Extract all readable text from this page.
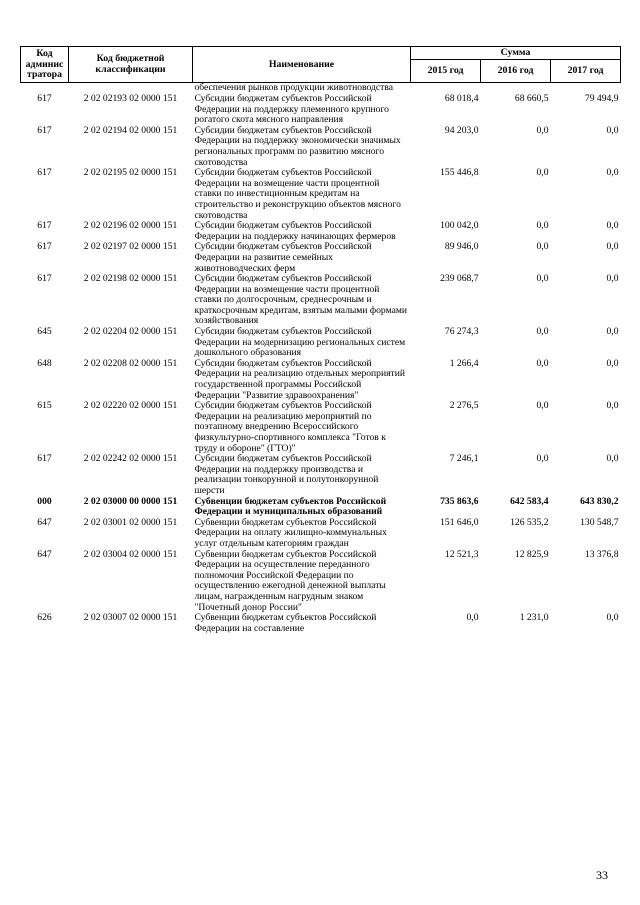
Код админис тратора	Код бюджетной классификации	Наименование	Сумма		
			2015 год	2016 год	2017 год
		обеспечения рынков продукции животноводства			
617	2 02 02193 02 0000 151	Субсидии бюджетам субъектов Российской Федерации на поддержку племенного крупного рогатого скота мясного направления	68 018,4	68 660,5	79 494,9
617	2 02 02194 02 0000 151	Субсидии бюджетам субъектов Российской Федерации на поддержку экономически значимых региональных программ по развитию мясного скотоводства	94 203,0	0,0	0,0
617	2 02 02195 02 0000 151	Субсидии бюджетам субъектов Российской Федерации на возмещение части процентной ставки по инвестиционным кредитам на строительство и реконструкцию объектов мясного скотоводства	155 446,8	0,0	0,0
617	2 02 02196 02 0000 151	Субсидии бюджетам субъектов Российской Федерации на поддержку начинающих фермеров	100 042,0	0,0	0,0
617	2 02 02197 02 0000 151	Субсидии бюджетам субъектов Российской Федерации на развитие семейных животноводческих ферм	89 946,0	0,0	0,0
617	2 02 02198 02 0000 151	Субсидии бюджетам субъектов Российской Федерации на возмещение части процентной ставки по долгосрочным, среднесрочным и краткосрочным кредитам, взятым малыми формами хозяйствования	239 068,7	0,0	0,0
645	2 02 02204 02 0000 151	Субсидии бюджетам субъектов Российской Федерации на модернизацию региональных систем дошкольного образования	76 274,3	0,0	0,0
648	2 02 02208 02 0000 151	Субсидии бюджетам субъектов Российской Федерации на реализацию отдельных мероприятий государственной программы Российской Федерации "Развитие здравоохранения"	1 266,4	0,0	0,0
615	2 02 02220 02 0000 151	Субсидии бюджетам субъектов Российской Федерации на реализацию мероприятий по поэтапному внедрению Всероссийского физкультурно-спортивного комплекса "Готов к труду и обороне" (ГТО)"	2 276,5	0,0	0,0
617	2 02 02242 02 0000 151	Субсидии бюджетам субъектов Российской Федерации на поддержку производства и реализации тонкорунной и полутонкорунной шерсти	7 246,1	0,0	0,0
000	2 02 03000 00 0000 151	Субвенции бюджетам субъектов Российской Федерации и муниципальных образований	735 863,6	642 583,4	643 830,2
647	2 02 03001 02 0000 151	Субвенции бюджетам субъектов Российской Федерации на оплату жилищно-коммунальных услуг отдельным категориям граждан	151 646,0	126 535,2	130 548,7
647	2 02 03004 02 0000 151	Субвенции бюджетам субъектов Российской Федерации на осуществление переданного полномочия Российской Федерации по осуществлению ежегодной денежной выплаты лицам, награжденным нагрудным знаком "Почетный донор России"	12 521,3	12 825,9	13 376,8
626	2 02 03007 02 0000 151	Субвенции бюджетам субъектов Российской Федерации на составление	0,0	1 231,0	0,0
33
